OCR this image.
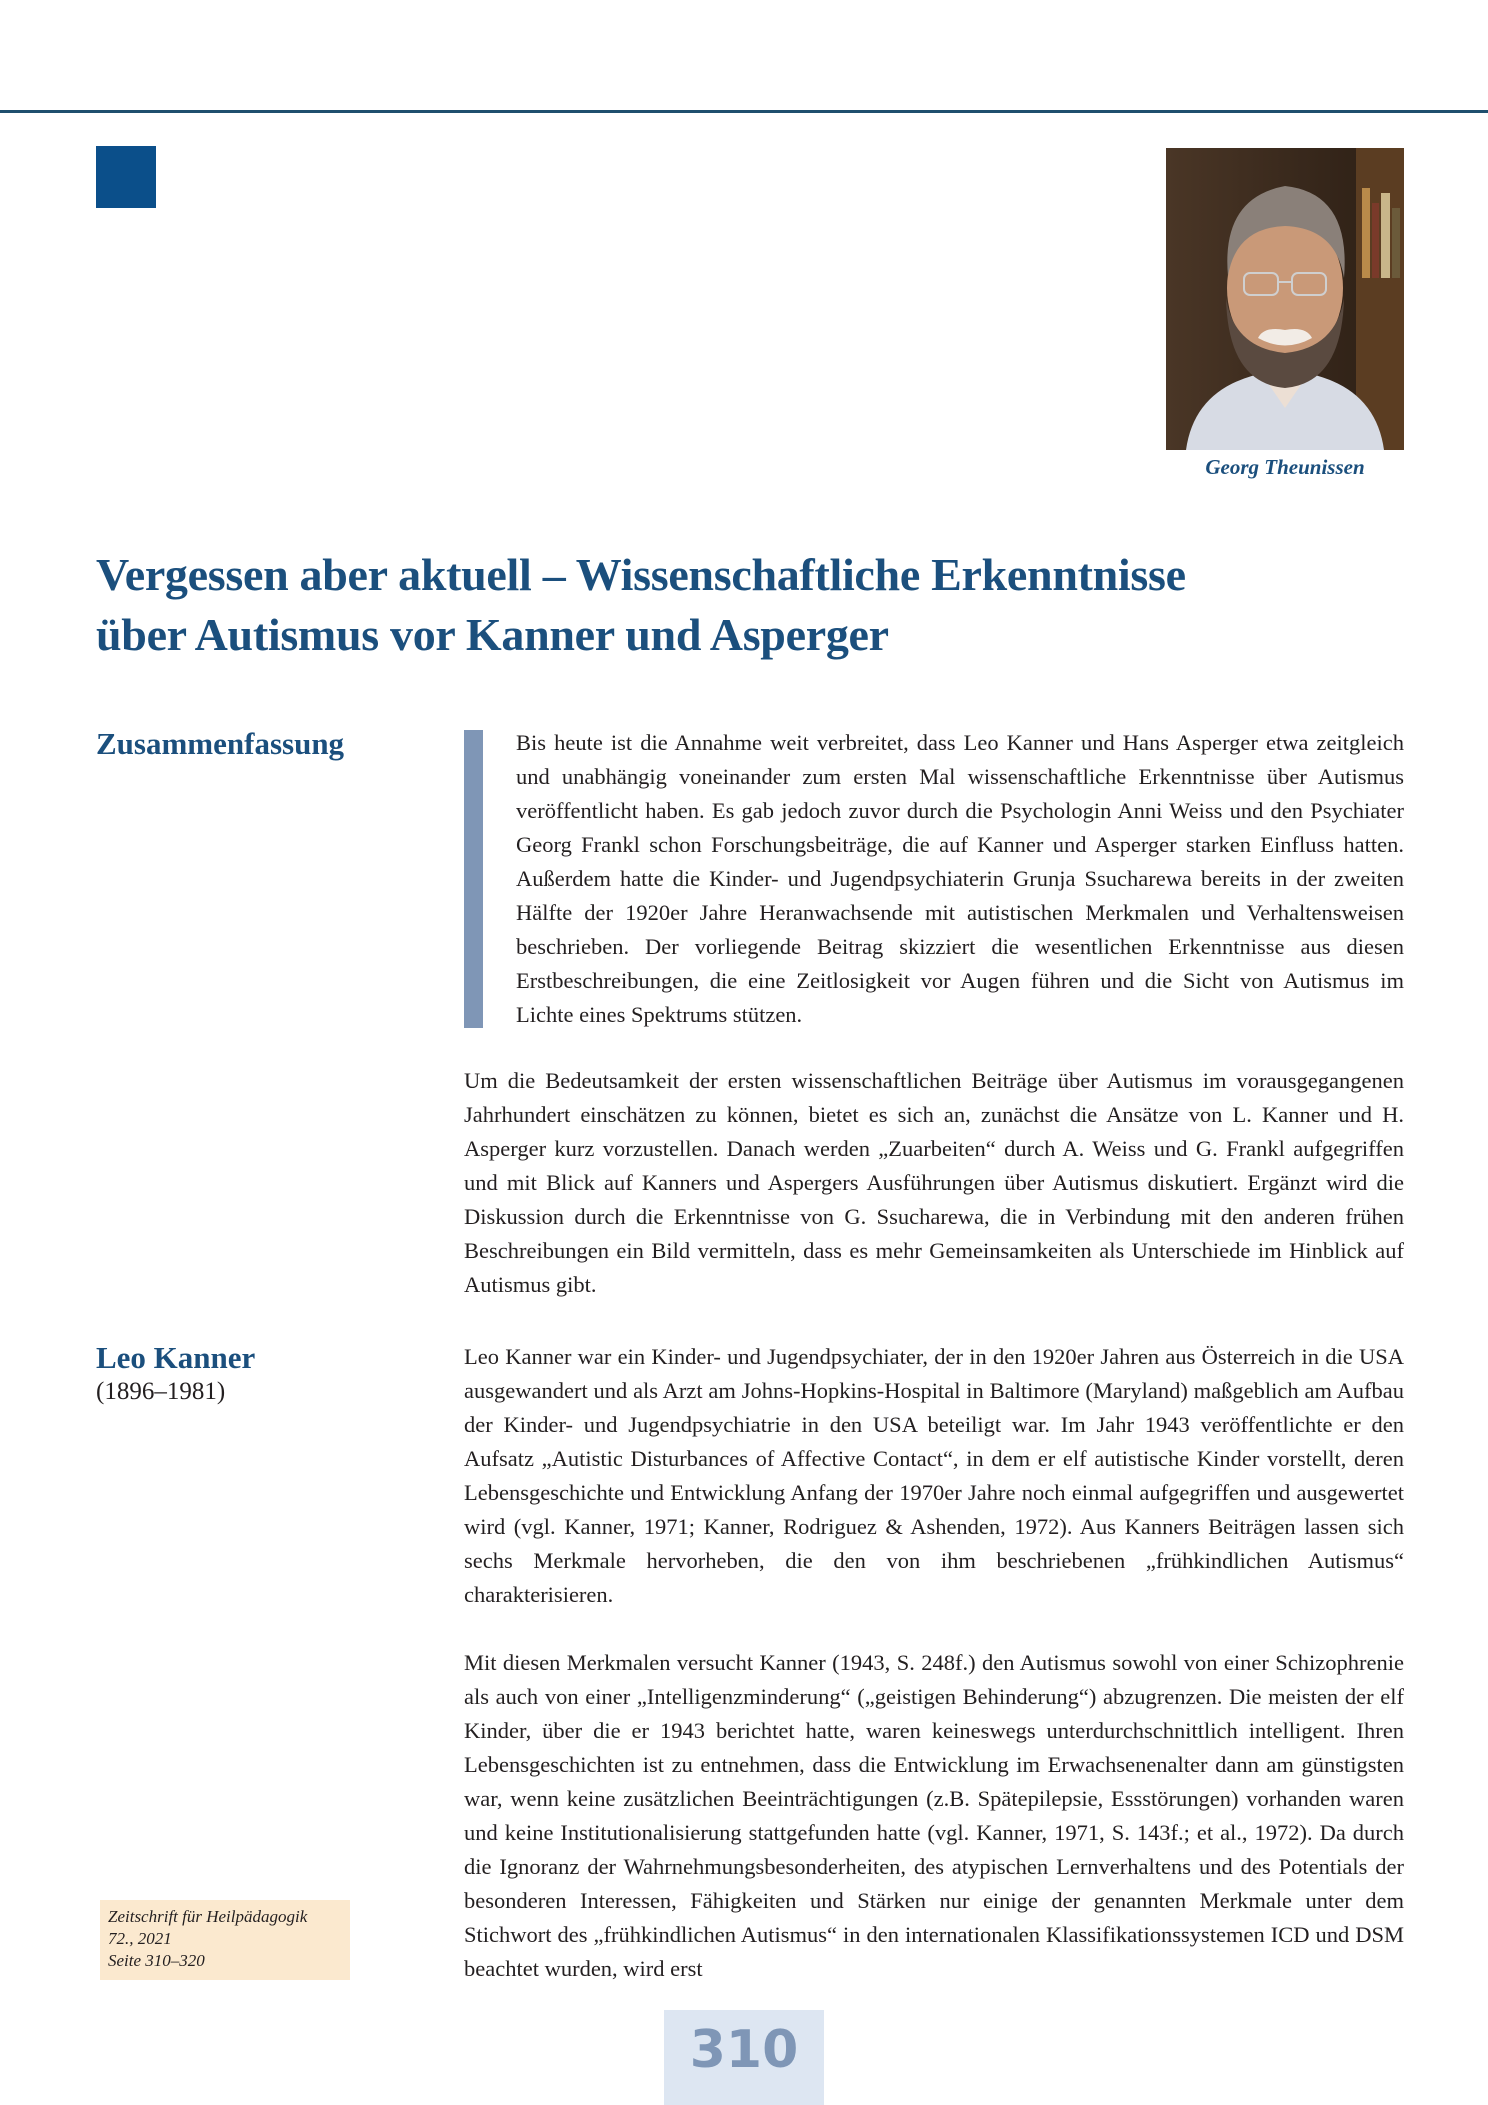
Georg Theunissen
Vergessen aber aktuell – Wissenschaftliche Erkenntnisse
über Autismus vor Kanner und Asperger
Zusammenfassung	Bis heute ist die Annahme weit verbreitet, dass Leo Kanner und Hans Asperger etwa zeitgleich und unabhängig voneinander zum ersten Mal wissenschaftliche Erkenntnisse über Autismus veröffentlicht haben. Es gab jedoch zuvor durch die Psychologin Anni Weiss und den Psychiater Georg Frankl schon Forschungsbeiträge, die auf Kanner und Asperger starken Einfluss hatten. Außerdem hatte die Kinder- und Jugendpsychiaterin Grunja Ssucharewa bereits in der zweiten Hälfte der 1920er Jahre Heranwachsende mit autistischen Merkmalen und Verhaltensweisen beschrieben. Der vorliegende Beitrag skizziert die wesentlichen Erkenntnisse aus diesen Erstbeschreibungen, die eine Zeitlosigkeit vor Augen führen und die Sicht von Autismus im Lichte eines Spektrums stützen.

Um die Bedeutsamkeit der ersten wissenschaftlichen Beiträge über Autismus im vorausgegangenen Jahrhundert einschätzen zu können, bietet es sich an, zunächst die Ansätze von L. Kanner und H. Asperger kurz vorzustellen. Danach werden „Zuarbeiten“ durch A. Weiss und G. Frankl aufgegriffen und mit Blick auf Kanners und Aspergers Ausführungen über Autismus diskutiert. Ergänzt wird die Diskussion durch die Erkenntnisse von G. Ssucharewa, die in Verbindung mit den anderen frühen Beschreibungen ein Bild vermitteln, dass es mehr Gemeinsamkeiten als Unterschiede im Hinblick auf Autismus gibt.

Leo Kanner
(1896–1981)

Leo Kanner war ein Kinder- und Jugendpsychiater, der in den 1920er Jahren aus Österreich in die USA ausgewandert und als Arzt am Johns-Hopkins-Hospital in Baltimore (Maryland) maßgeblich am Aufbau der Kinder- und Jugendpsychiatrie in den USA beteiligt war. Im Jahr 1943 veröffentlichte er den Aufsatz „Autistic Disturbances of Affective Contact“, in dem er elf autistische Kinder vorstellt, deren Lebensgeschichte und Entwicklung Anfang der 1970er Jahre noch einmal aufgegriffen und ausgewertet wird (vgl. Kanner, 1971; Kanner, Rodriguez & Ashenden, 1972). Aus Kanners Beiträgen lassen sich sechs Merkmale hervorheben, die den von ihm beschriebenen „frühkindlichen Autismus“ charakterisieren.

Mit diesen Merkmalen versucht Kanner (1943, S. 248f.) den Autismus sowohl von einer Schizophrenie als auch von einer „Intelligenzminderung“ („geistigen Behinderung“) abzugrenzen. Die meisten der elf Kinder, über die er 1943 berichtet hatte, waren keineswegs unterdurchschnittlich intelligent. Ihren Lebensgeschichten ist zu entnehmen, dass die Entwicklung im Erwachsenenalter dann am günstigsten war, wenn keine zusätzlichen Beeinträchtigungen (z.B. Spätepilepsie, Essstörungen) vorhanden waren und keine Institutionalisierung stattgefunden hatte (vgl. Kanner, 1971, S. 143f.; et al., 1972). Da durch die Ignoranz der Wahrnehmungsbesonderheiten, des atypischen Lernverhaltens und des Potentials der besonderen Interessen, Fähigkeiten und Stärken nur einige der genannten Merkmale unter dem Stichwort des „frühkindlichen Autismus“ in den internationalen Klassifikationssystemen ICD und DSM beachtet wurden, wird erst

Zeitschrift für Heilpädagogik
72., 2021
Seite 310–320
310
